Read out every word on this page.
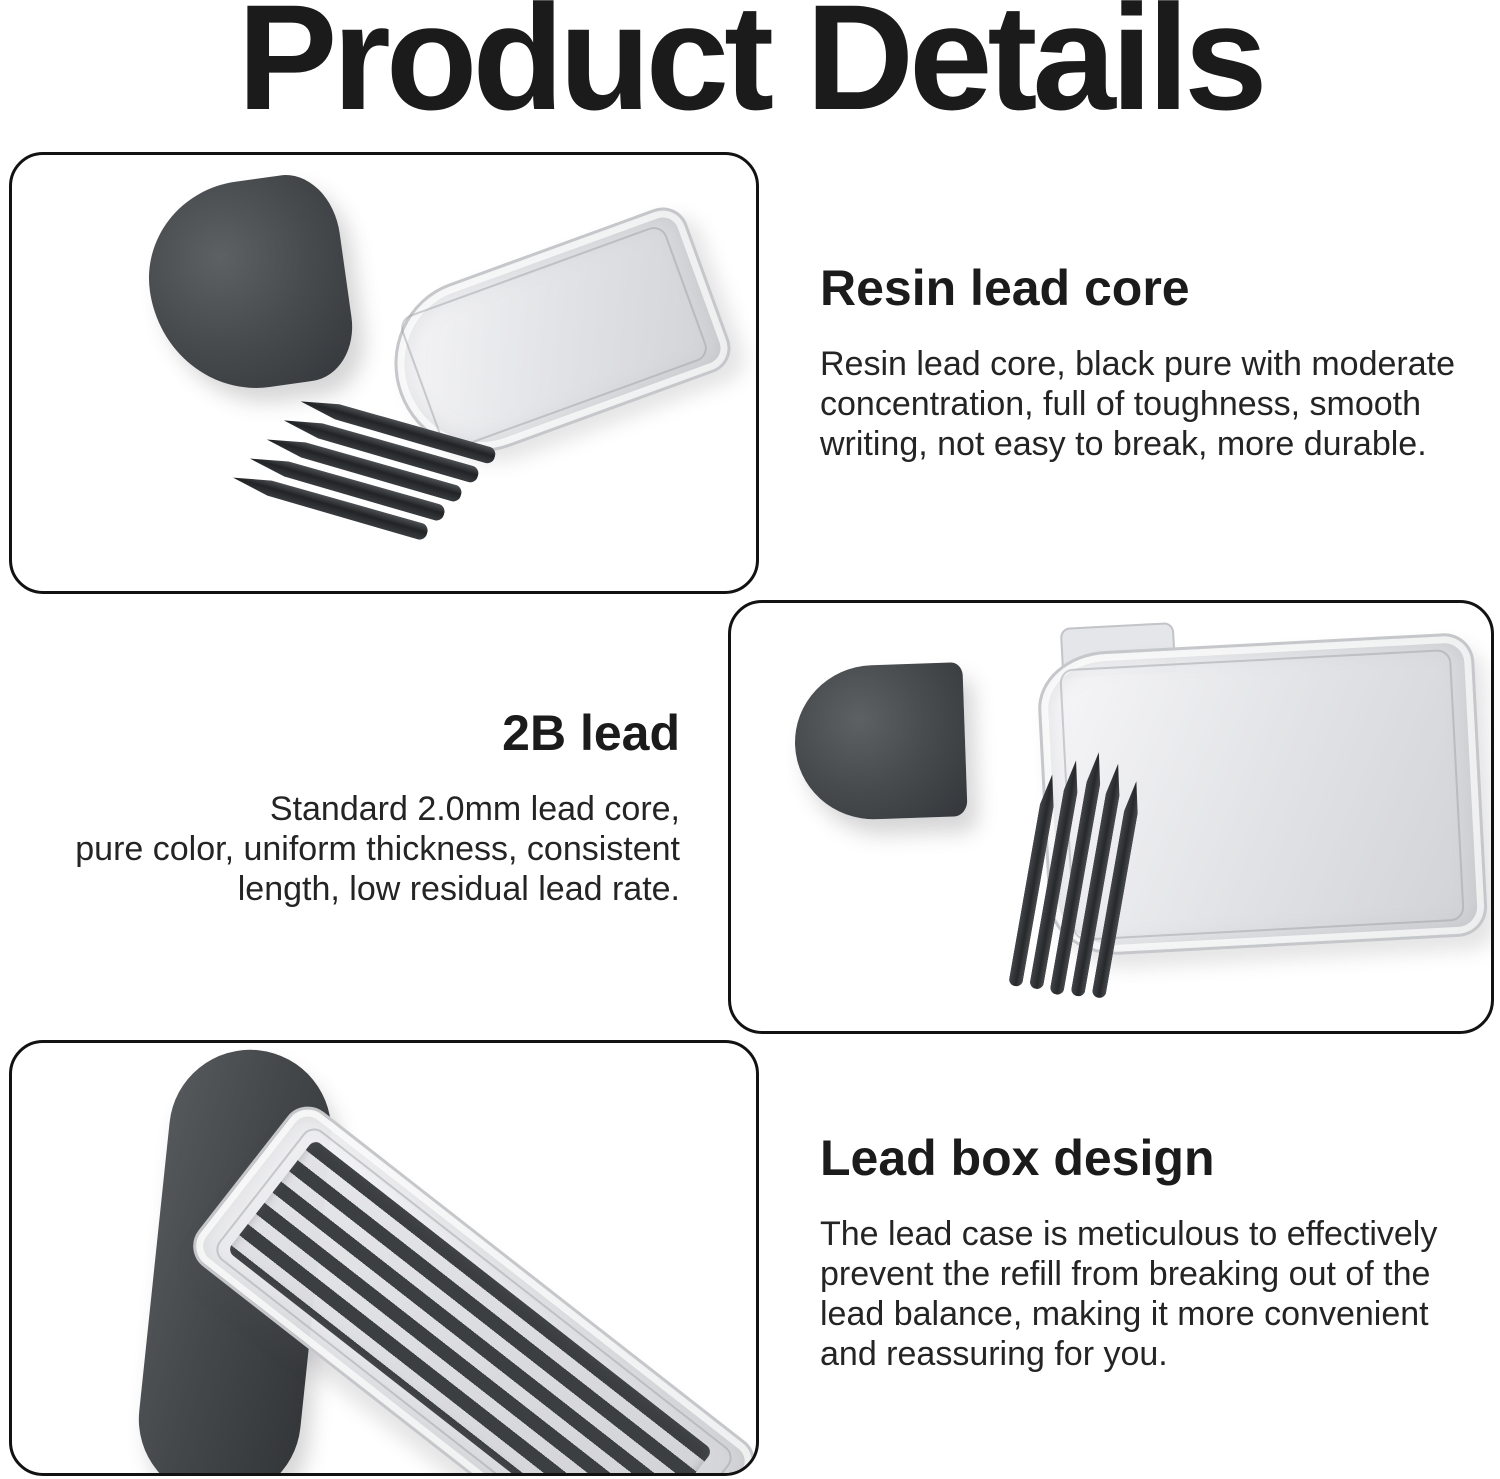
Product Details
Resin lead core
Resin lead core, black pure with moderate
concentration, full of toughness, smooth
writing, not easy to break, more durable.
2B lead
Standard 2.0mm lead core,
pure color, uniform thickness, consistent
length, low residual lead rate.
Lead box design
The lead case is meticulous to effectively
prevent the refill from breaking out of the
lead balance, making it more convenient
and reassuring for you.
